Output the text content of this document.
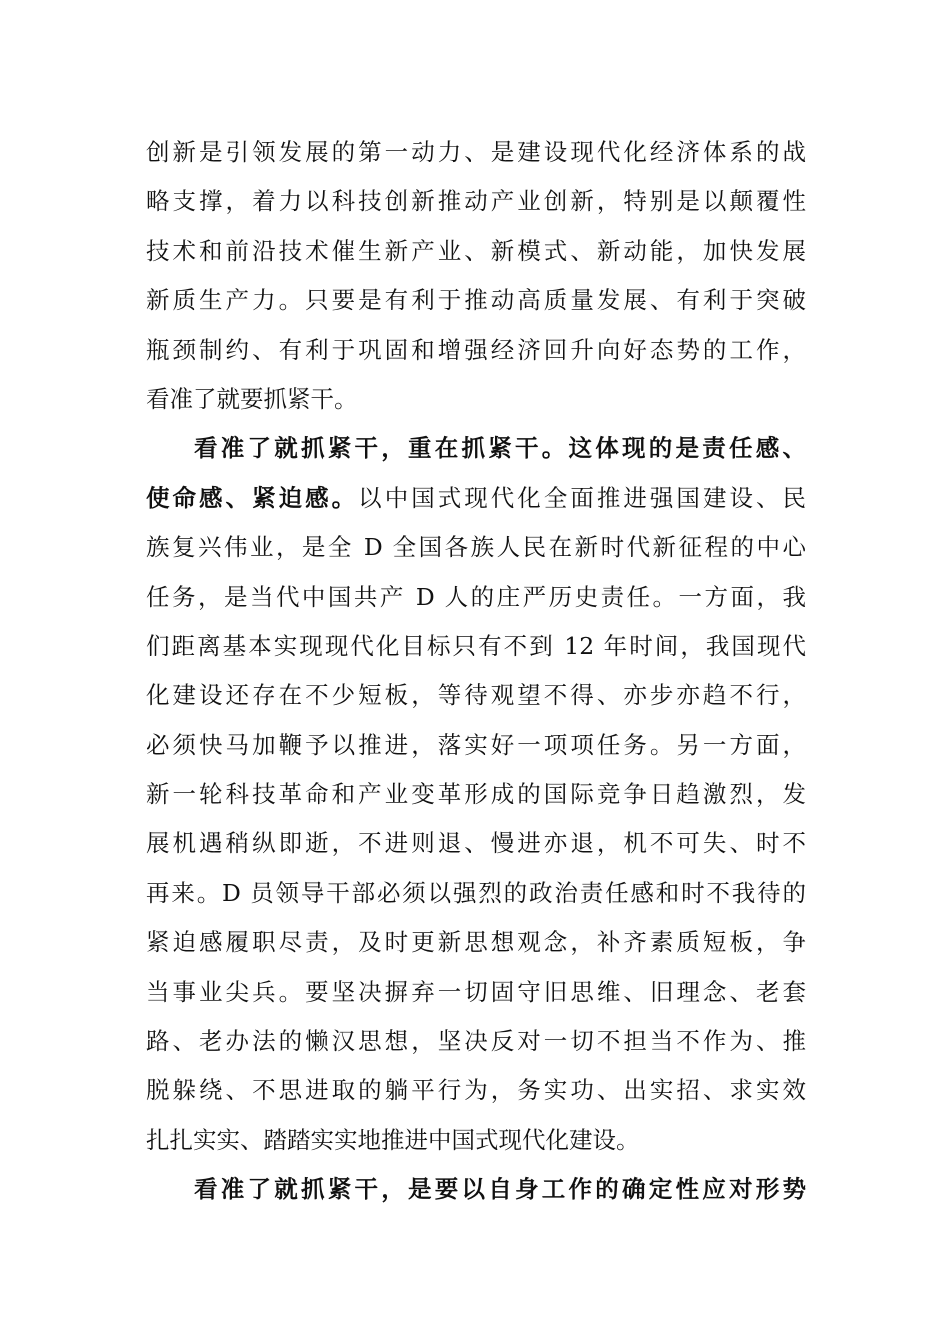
创新是引领发展的第一动力、是建设现代化经济体系的战
略支撑，着力以科技创新推动产业创新，特别是以颠覆性
技术和前沿技术催生新产业、新模式、新动能，加快发展
新质生产力。只要是有利于推动高质量发展、有利于突破
瓶颈制约、有利于巩固和增强经济回升向好态势的工作，
看准了就要抓紧干。
看准了就抓紧干，重在抓紧干。这体现的是责任感、
使命感、紧迫感。以中国式现代化全面推进强国建设、民
族复兴伟业，是全 D 全国各族人民在新时代新征程的中心
任务，是当代中国共产 D 人的庄严历史责任。一方面，我
们距离基本实现现代化目标只有不到 12 年时间，我国现代
化建设还存在不少短板，等待观望不得、亦步亦趋不行，
必须快马加鞭予以推进，落实好一项项任务。另一方面，
新一轮科技革命和产业变革形成的国际竞争日趋激烈，发
展机遇稍纵即逝，不进则退、慢进亦退，机不可失、时不
再来。D 员领导干部必须以强烈的政治责任感和时不我待的
紧迫感履职尽责，及时更新思想观念，补齐素质短板，争
当事业尖兵。要坚决摒弃一切固守旧思维、旧理念、老套
路、老办法的懒汉思想，坚决反对一切不担当不作为、推
脱躲绕、不思进取的躺平行为，务实功、出实招、求实效
扎扎实实、踏踏实实地推进中国式现代化建设。
看准了就抓紧干，是要以自身工作的确定性应对形势
